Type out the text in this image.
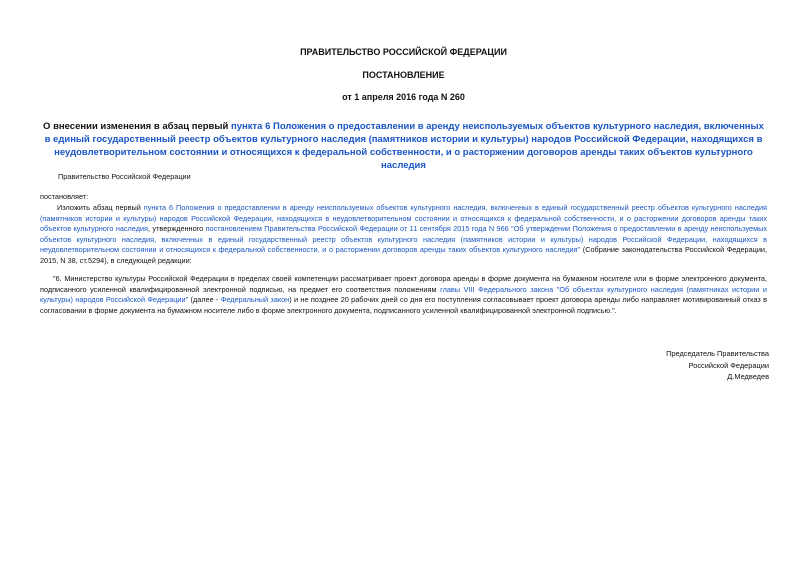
ПРАВИТЕЛЬСТВО РОССИЙСКОЙ ФЕДЕРАЦИИ
ПОСТАНОВЛЕНИЕ
от 1 апреля 2016 года N 260
О внесении изменения в абзац первый пункта 6 Положения о предоставлении в аренду неиспользуемых объектов культурного наследия, включенных в единый государственный реестр объектов культурного наследия (памятников истории и культуры) народов Российской Федерации, находящихся в неудовлетворительном состоянии и относящихся к федеральной собственности, и о расторжении договоров аренды таких объектов культурного наследия
Правительство Российской Федерации
постановляет:
Изложить абзац первый пункта 6 Положения о предоставлении в аренду неиспользуемых объектов культурного наследия, включенных в единый государственный реестр объектов культурного наследия (памятников истории и культуры) народов Российской Федерации, находящихся в неудовлетворительном состоянии и относящихся к федеральной собственности, и о расторжении договоров аренды таких объектов культурного наследия, утвержденного постановлением Правительства Российской Федерации от 11 сентября 2015 года N 966 "Об утверждении Положения о предоставлении в аренду неиспользуемых объектов культурного наследия, включенных в единый государственный реестр объектов культурного наследия (памятников истории и культуры) народов Российской Федерации, находящихся в неудовлетворительном состоянии и относящихся к федеральной собственности, и о расторжении договоров аренды таких объектов культурного наследия" (Собрание законодательства Российской Федерации, 2015, N 38, ст.5294), в следующей редакции:
"6. Министерство культуры Российской Федерации в пределах своей компетенции рассматривает проект договора аренды в форме документа на бумажном носителе или в форме электронного документа, подписанного усиленной квалифицированной электронной подписью, на предмет его соответствия положениям главы VIII Федерального закона "Об объектах культурного наследия (памятниках истории и культуры) народов Российской Федерации" (далее - Федеральный закон) и не позднее 20 рабочих дней со дня его поступления согласовывает проект договора аренды либо направляет мотивированный отказ в согласовании в форме документа на бумажном носителе либо в форме электронного документа, подписанного усиленной квалифицированной электронной подписью.".
Председатель Правительства
Российской Федерации
Д.Медведев
